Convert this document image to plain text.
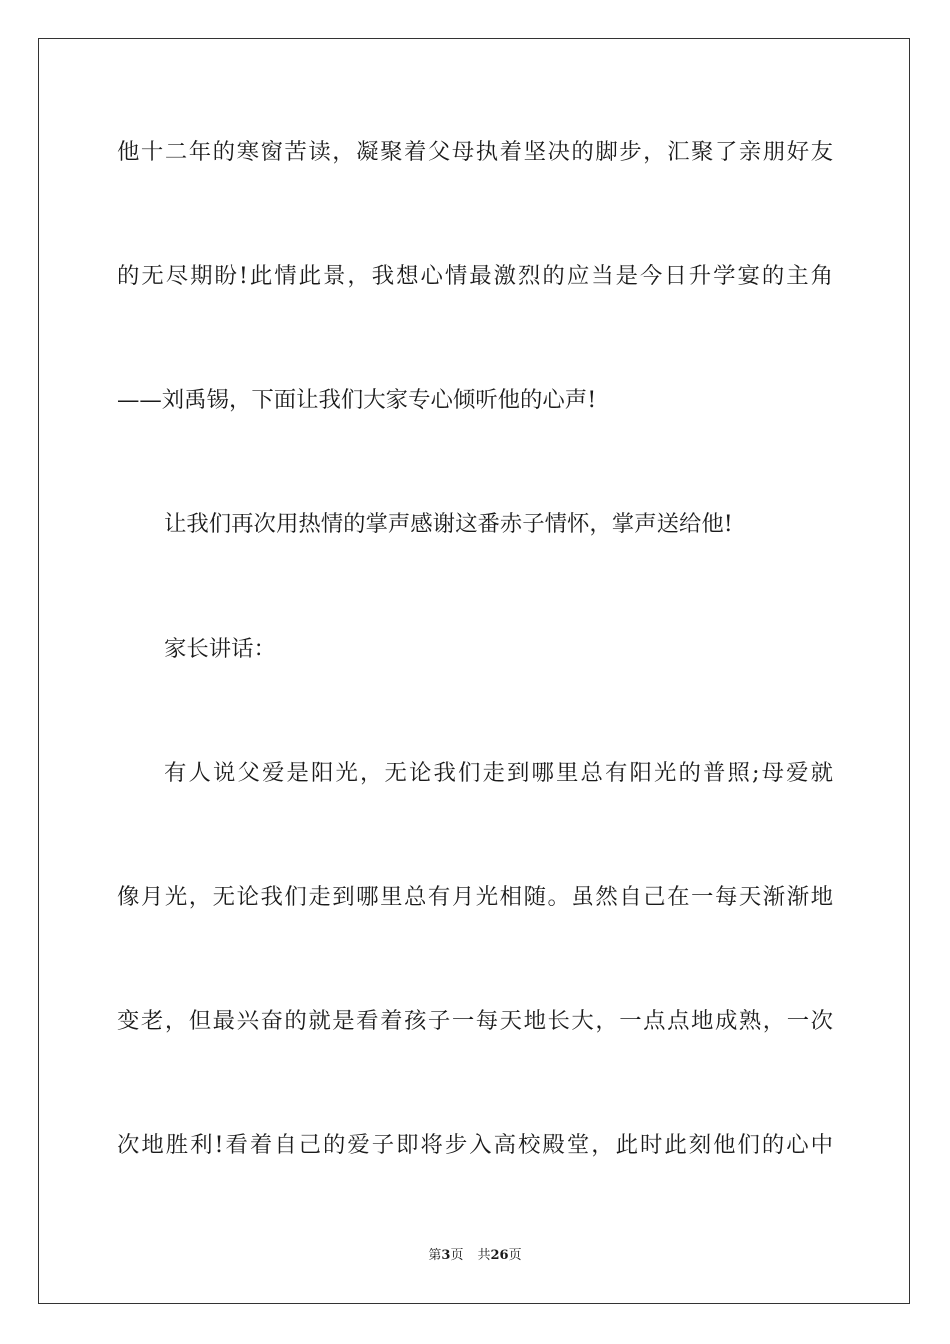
他十二年的寒窗苦读，凝聚着父母执着坚决的脚步，汇聚了亲朋好友
的无尽期盼!此情此景，我想心情最激烈的应当是今日升学宴的主角
——刘禹锡，下面让我们大家专心倾听他的心声!
让我们再次用热情的掌声感谢这番赤子情怀，掌声送给他!
家长讲话：
有人说父爱是阳光，无论我们走到哪里总有阳光的普照;母爱就
像月光，无论我们走到哪里总有月光相随。虽然自己在一每天渐渐地
变老，但最兴奋的就是看着孩子一每天地长大，一点点地成熟，一次
次地胜利!看着自己的爱子即将步入高校殿堂，此时此刻他们的心中
第3页 共26页
